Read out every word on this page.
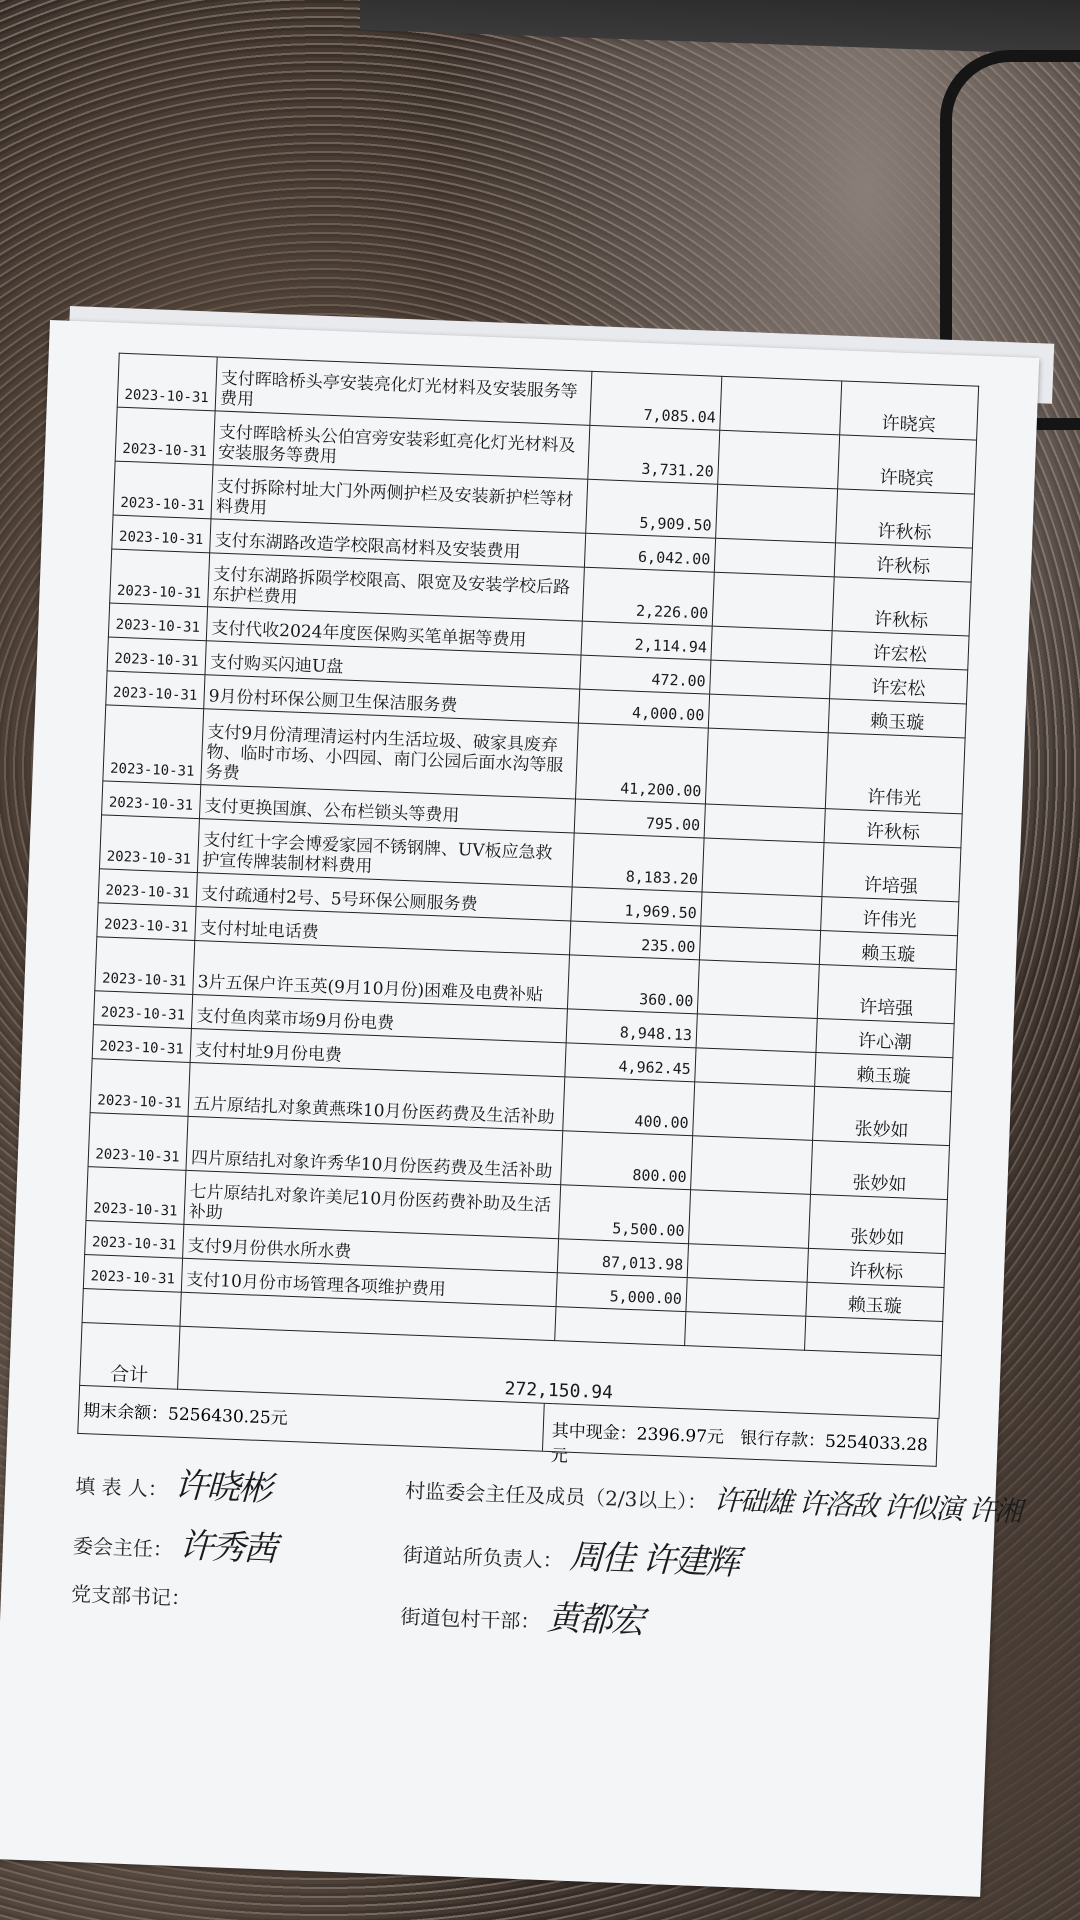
2023-10-31	支付晖晗桥头亭安装亮化灯光材料及安装服务等费用	7,085.04		许晓宾
2023-10-31	支付晖晗桥头公伯宫旁安装彩虹亮化灯光材料及安装服务等费用	3,731.20		许晓宾
2023-10-31	支付拆除村址大门外两侧护栏及安装新护栏等材料费用	5,909.50		许秋标
2023-10-31	支付东湖路改造学校限高材料及安装费用	6,042.00		许秋标
2023-10-31	支付东湖路拆陨学校限高、限宽及安装学校后路东护栏费用	2,226.00		许秋标
2023-10-31	支付代收2024年度医保购买笔单据等费用	2,114.94		许宏松
2023-10-31	支付购买闪迪U盘	472.00		许宏松
2023-10-31	9月份村环保公厕卫生保洁服务费	4,000.00		赖玉璇
2023-10-31	支付9月份清理清运村内生活垃圾、破家具废弃物、临时市场、小四园、南门公园后面水沟等服务费	41,200.00		许伟光
2023-10-31	支付更换国旗、公布栏锁头等费用	795.00		许秋标
2023-10-31	支付红十字会博爱家园不锈钢牌、UV板应急救护宣传牌装制材料费用	8,183.20		许培强
2023-10-31	支付疏通村2号、5号环保公厕服务费	1,969.50		许伟光
2023-10-31	支付村址电话费	235.00		赖玉璇
2023-10-31	3片五保户许玉英(9月10月份)困难及电费补贴	360.00		许培强
2023-10-31	支付鱼肉菜市场9月份电费	8,948.13		许心潮
2023-10-31	支付村址9月份电费	4,962.45		赖玉璇
2023-10-31	五片原结扎对象黄燕珠10月份医药费及生活补助	400.00		张妙如
2023-10-31	四片原结扎对象许秀华10月份医药费及生活补助	800.00		张妙如
2023-10-31	七片原结扎对象许美尼10月份医药费补助及生活补助	5,500.00		张妙如
2023-10-31	支付9月份供水所水费	87,013.98		许秋标
2023-10-31	支付10月份市场管理各项维护费用	5,000.00		赖玉璇

合计	272,150.94			
期末余额：5256430.25元
其中现金：2396.97元 银行存款：5254033.28元
填 表 人： 许晓彬	村监委会主任及成员（2/3以上）： 许础雄 许洛敌 许似演 许湘
委会主任： 许秀茜	街道站所负责人： 周佳 许建辉
党支部书记：
街道包村干部： 黄都宏
